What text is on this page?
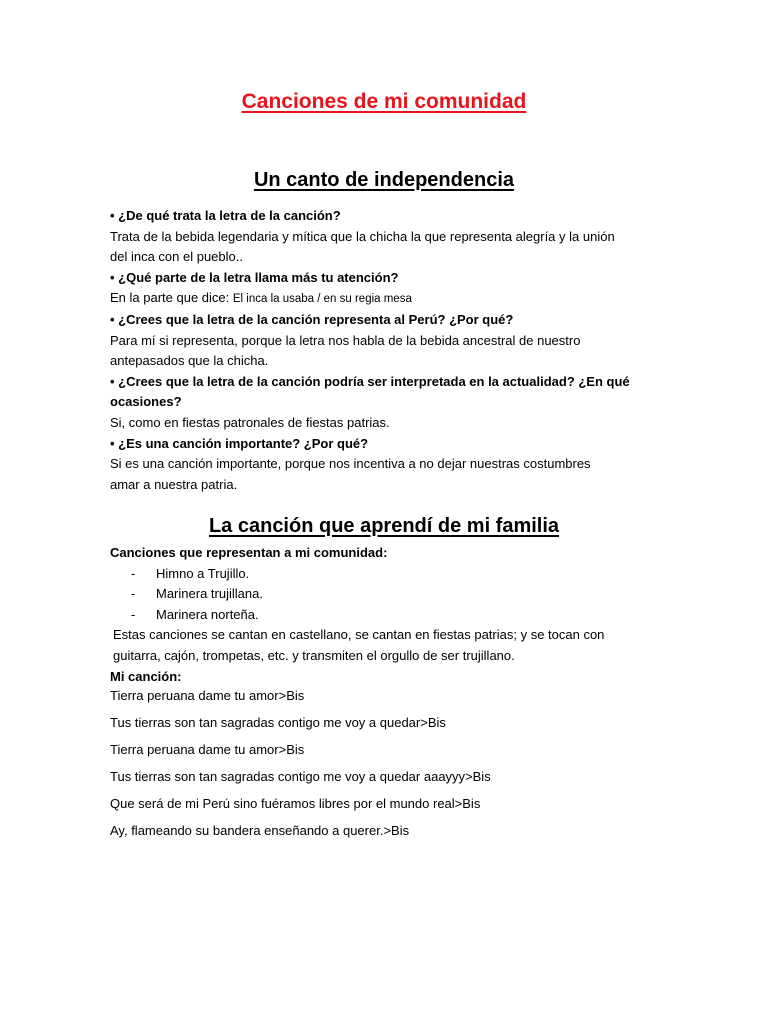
Canciones de mi comunidad
Un canto de independencia
• ¿De qué trata la letra de la canción?
Trata de la bebida legendaria y mítica que la chicha la que representa alegría y la unión
del inca con el pueblo..
• ¿Qué parte de la letra llama más tu atención?
En la parte que dice: El inca la usaba / en su regia mesa
• ¿Crees que la letra de la canción representa al Perú? ¿Por qué?
Para mí si representa, porque la letra nos habla de la bebida ancestral de nuestro
antepasados que la chicha.
• ¿Crees que la letra de la canción podría ser interpretada en la actualidad? ¿En qué
ocasiones?
Si, como en fiestas patronales de fiestas patrias.
• ¿Es una canción importante? ¿Por qué?
Si es una canción importante, porque nos incentiva a no dejar nuestras costumbres
amar a nuestra patria.
La canción que aprendí de mi familia
Canciones que representan a mi comunidad:
-	Himno a Trujillo.
-	Marinera trujillana.
-	Marinera norteña.
Estas canciones se cantan en castellano, se cantan en fiestas patrias; y se tocan con
guitarra, cajón, trompetas, etc. y transmiten el orgullo de ser trujillano.
Mi canción:
Tierra peruana dame tu amor>Bis
Tus tierras son tan sagradas contigo me voy a quedar>Bis
Tierra peruana dame tu amor>Bis
Tus tierras son tan sagradas contigo me voy a quedar aaayyy>Bis
Que será de mi Perú sino fuéramos libres por el mundo real>Bis
Ay, flameando su bandera enseñando a querer.>Bis
